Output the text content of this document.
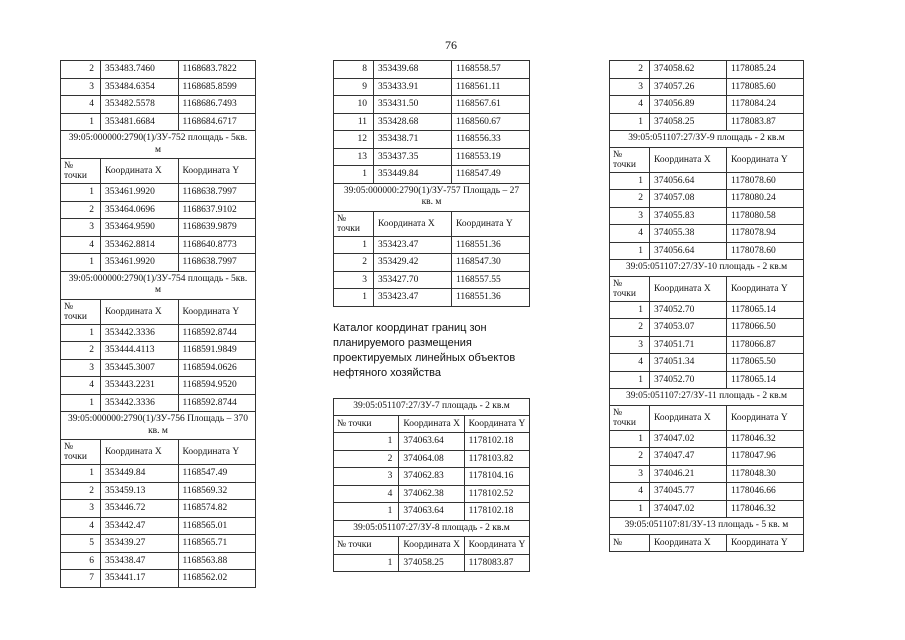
76
2	353483.7460	1168683.7822
3	353484.6354	1168685.8599
4	353482.5578	1168686.7493
1	353481.6684	1168684.6717
39:05:000000:2790(1)/ЗУ-752 площадь - 5кв. м		
№ точки	Координата X	Координата Y
1	353461.9920	1168638.7997
2	353464.0696	1168637.9102
3	353464.9590	1168639.9879
4	353462.8814	1168640.8773
1	353461.9920	1168638.7997
39:05:000000:2790(1)/ЗУ-754 площадь - 5кв. м		
№ точки	Координата X	Координата Y
1	353442.3336	1168592.8744
2	353444.4113	1168591.9849
3	353445.3007	1168594.0626
4	353443.2231	1168594.9520
1	353442.3336	1168592.8744
39:05:000000:2790(1)/ЗУ-756 Площадь – 370 кв. м		
№ точки	Координата X	Координата Y
1	353449.84	1168547.49
2	353459.13	1168569.32
3	353446.72	1168574.82
4	353442.47	1168565.01
5	353439.27	1168565.71
6	353438.47	1168563.88
7	353441.17	1168562.02
8	353439.68	1168558.57
9	353433.91	1168561.11
10	353431.50	1168567.61
11	353428.68	1168560.67
12	353438.71	1168556.33
13	353437.35	1168553.19
1	353449.84	1168547.49
39:05:000000:2790(1)/ЗУ-757 Площадь – 27 кв. м		
№ точки	Координата X	Координата Y
1	353423.47	1168551.36
2	353429.42	1168547.30
3	353427.70	1168557.55
1	353423.47	1168551.36
Каталог координат границ зон планируемого размещения проектируемых линейных объектов нефтяного хозяйства
39:05:051107:27/ЗУ-7 площадь - 2 кв.м		
№ точки	Координата X	Координата Y
1	374063.64	1178102.18
2	374064.08	1178103.82
3	374062.83	1178104.16
4	374062.38	1178102.52
1	374063.64	1178102.18
39:05:051107:27/ЗУ-8 площадь - 2 кв.м		
№ точки	Координата X	Координата Y
1	374058.25	1178083.87
2	374058.62	1178085.24
3	374057.26	1178085.60
4	374056.89	1178084.24
1	374058.25	1178083.87
39:05:051107:27/ЗУ-9 площадь - 2 кв.м		
№ точки	Координата X	Координата Y
1	374056.64	1178078.60
2	374057.08	1178080.24
3	374055.83	1178080.58
4	374055.38	1178078.94
1	374056.64	1178078.60
39:05:051107:27/ЗУ-10 площадь - 2 кв.м		
№ точки	Координата X	Координата Y
1	374052.70	1178065.14
2	374053.07	1178066.50
3	374051.71	1178066.87
4	374051.34	1178065.50
1	374052.70	1178065.14
39:05:051107:27/ЗУ-11 площадь - 2 кв.м		
№ точки	Координата X	Координата Y
1	374047.02	1178046.32
2	374047.47	1178047.96
3	374046.21	1178048.30
4	374045.77	1178046.66
1	374047.02	1178046.32
39:05:051107:81/ЗУ-13 площадь - 5 кв. м		
№	Координата X	Координата Y
